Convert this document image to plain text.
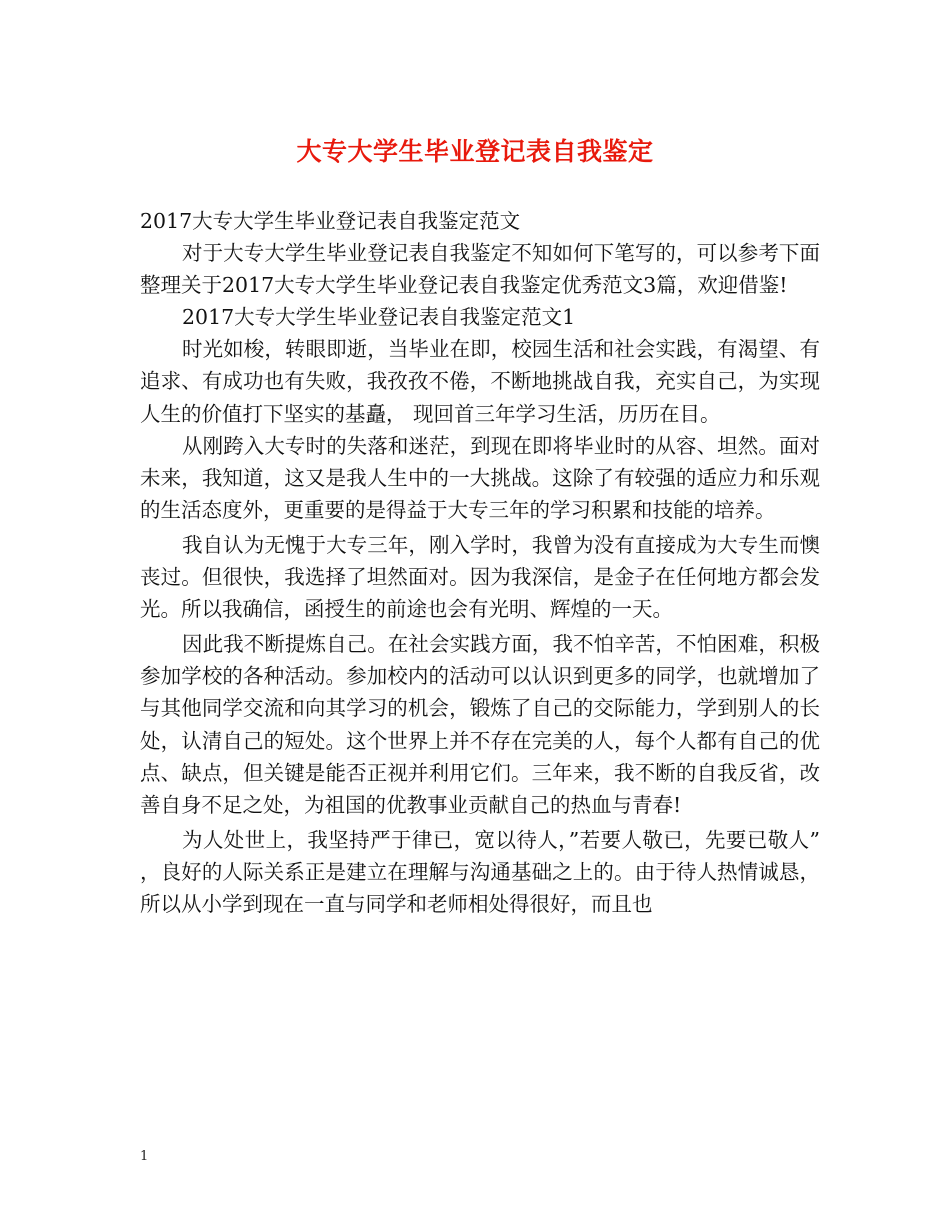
大专大学生毕业登记表自我鉴定

2017大专大学生毕业登记表自我鉴定范文

对于大专大学生毕业登记表自我鉴定不知如何下笔写的，可以参考下面整理关于2017大专大学生毕业登记表自我鉴定优秀范文3篇，欢迎借鉴!

2017大专大学生毕业登记表自我鉴定范文1

时光如梭，转眼即逝，当毕业在即，校园生活和社会实践，有渴望、有追求、有成功也有失败，我孜孜不倦，不断地挑战自我，充实自己，为实现人生的价值打下坚实的基矗， 现回首三年学习生活，历历在目。

从刚跨入大专时的失落和迷茫，到现在即将毕业时的从容、坦然。面对未来，我知道，这又是我人生中的一大挑战。这除了有较强的适应力和乐观的生活态度外，更重要的是得益于大专三年的学习积累和技能的培养。

我自认为无愧于大专三年，刚入学时，我曾为没有直接成为大专生而懊丧过。但很快，我选择了坦然面对。因为我深信，是金子在任何地方都会发光。所以我确信，函授生的前途也会有光明、辉煌的一天。

因此我不断提炼自己。在社会实践方面，我不怕辛苦，不怕困难，积极参加学校的各种活动。参加校内的活动可以认识到更多的同学，也就增加了与其他同学交流和向其学习的机会，锻炼了自己的交际能力，学到别人的长处，认清自己的短处。这个世界上并不存在完美的人，每个人都有自己的优点、缺点，但关键是能否正视并利用它们。三年来，我不断的自我反省，改善自身不足之处，为祖国的优教事业贡献自己的热血与青春!

为人处世上，我坚持严于律已，宽以待人，”若要人敬已，先要已敬人” ，良好的人际关系正是建立在理解与沟通基础之上的。由于待人热情诚恳，所以从小学到现在一直与同学和老师相处得很好，而且也

1
